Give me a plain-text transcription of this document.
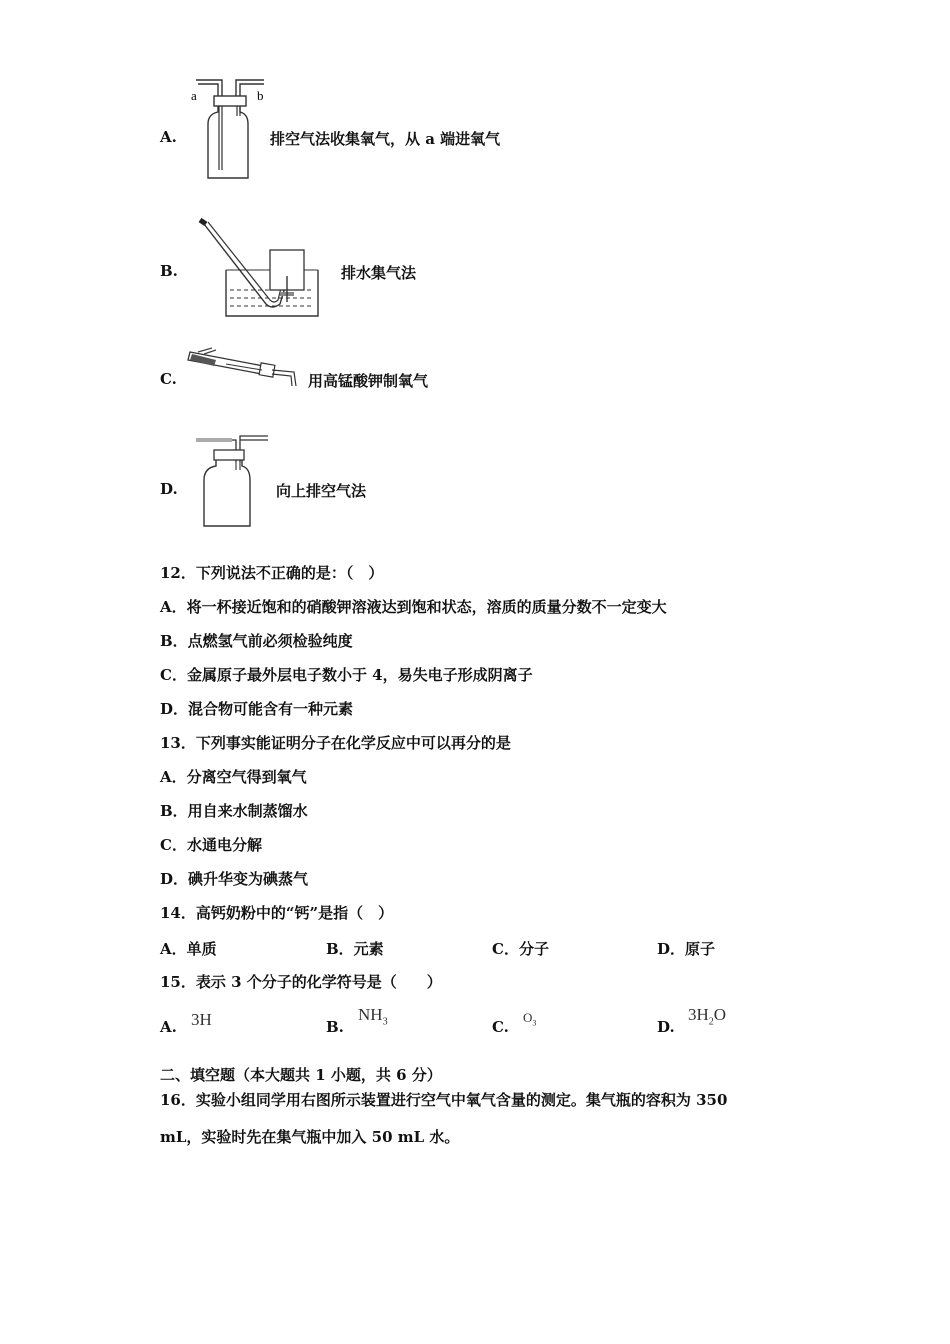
A.
a	b
排空气法收集氧气，从 a 端进氧气
B.	排水集气法
C.	用高锰酸钾制氧气
D.	向上排空气法
12．下列说法不正确的是：（　）
A．将一杯接近饱和的硝酸钾溶液达到饱和状态，溶质的质量分数不一定变大
B．点燃氢气前必须检验纯度
C．金属原子最外层电子数小于 4，易失电子形成阴离子
D．混合物可能含有一种元素
13．下列事实能证明分子在化学反应中可以再分的是
A．分离空气得到氧气
B．用自来水制蒸馏水
C．水通电分解
D．碘升华变为碘蒸气
14．高钙奶粉中的“钙”是指（　）
A．单质	B．元素	C．分子	D．原子
15．表示 3 个分子的化学符号是（　　）
A. 3H	B.
$NH_3$	C.
$O_3$	D.
$3H_2O$
二、填空题（本大题共 1 小题，共 6 分）
16．实验小组同学用右图所示装置进行空气中氧气含量的测定。集气瓶的容积为 350
mL，实验时先在集气瓶中加入 50 mL 水。
